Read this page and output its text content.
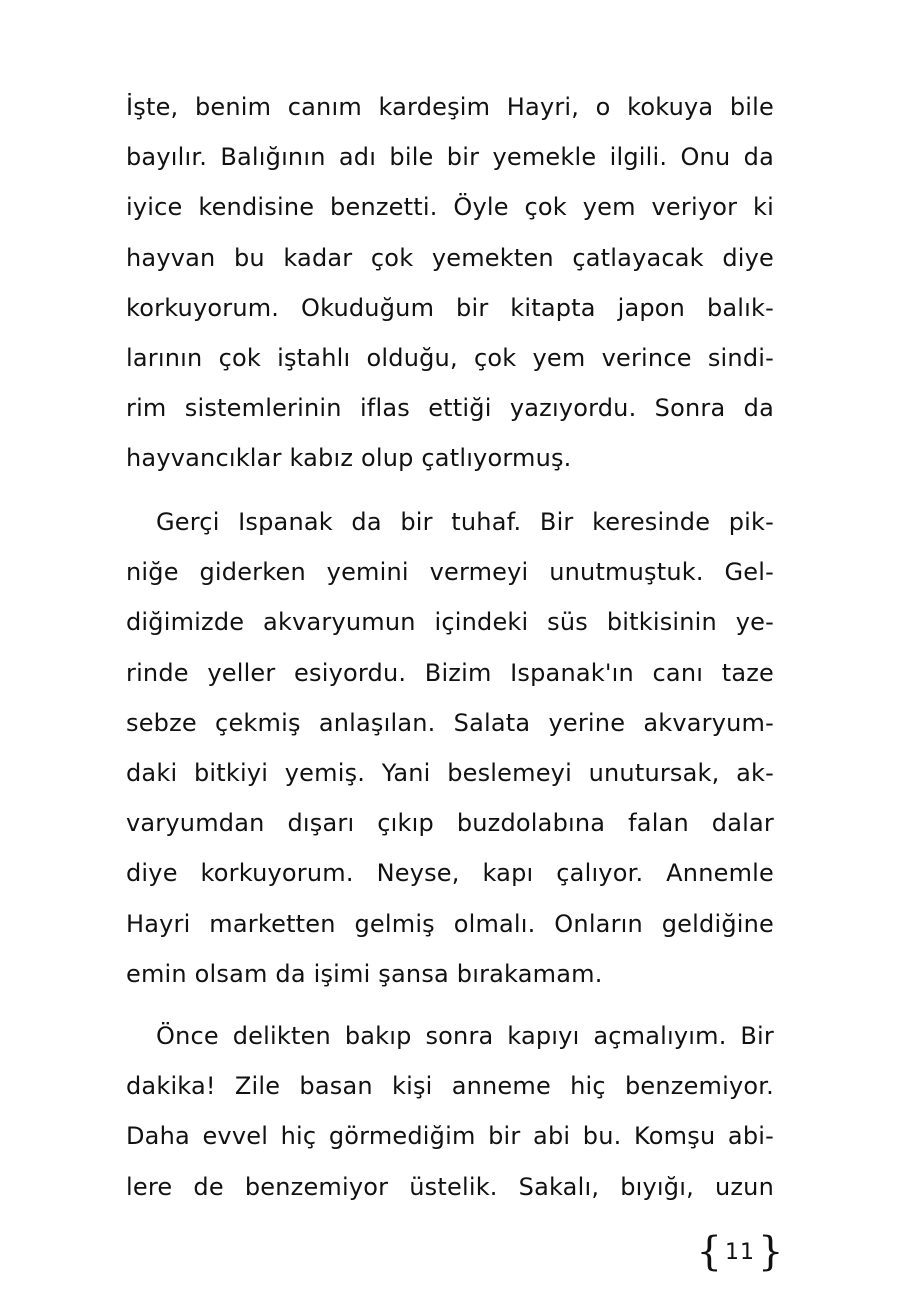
İşte, benim canım kardeşim Hayri, o kokuya bile
bayılır. Balığının adı bile bir yemekle ilgili. Onu da
iyice kendisine benzetti. Öyle çok yem veriyor ki
hayvan bu kadar çok yemekten çatlayacak diye
korkuyorum. Okuduğum bir kitapta japon balık-
larının çok iştahlı olduğu, çok yem verince sindi-
rim sistemlerinin iflas ettiği yazıyordu. Sonra da
hayvancıklar kabız olup çatlıyormuş.
Gerçi Ispanak da bir tuhaf. Bir keresinde pik-
niğe giderken yemini vermeyi unutmuştuk. Gel-
diğimizde akvaryumun içindeki süs bitkisinin ye-
rinde yeller esiyordu. Bizim Ispanak'ın canı taze
sebze çekmiş anlaşılan. Salata yerine akvaryum-
daki bitkiyi yemiş. Yani beslemeyi unutursak, ak-
varyumdan dışarı çıkıp buzdolabına falan dalar
diye korkuyorum. Neyse, kapı çalıyor. Annemle
Hayri marketten gelmiş olmalı. Onların geldiğine
emin olsam da işimi şansa bırakamam.
Önce delikten bakıp sonra kapıyı açmalıyım. Bir
dakika! Zile basan kişi anneme hiç benzemiyor.
Daha evvel hiç görmediğim bir abi bu. Komşu abi-
lere de benzemiyor üstelik. Sakalı, bıyığı, uzun
{ 11 }
